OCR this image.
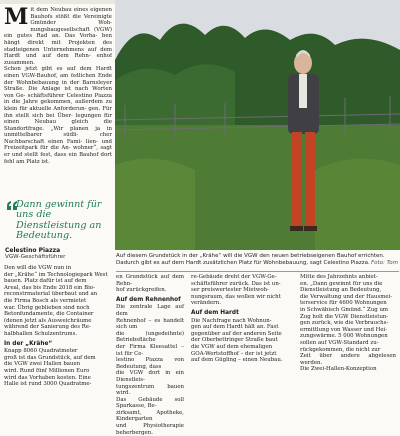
M it dem Neubau eines eigenen Bauhofs stößt die Vereinigte Gmünder Woh- nungsbaugesellschaft (VGW) ein gutes Rad an. Das Vorha- ben hängt direkt mit Projekten des stadteigenen Unternehmens auf dem Hardt und auf dem Rehn- enhof zusammen.
Schon jetzt gibt es auf dem Hardt einen VGW-Bauhof, am östlichen Ende der Wohnbebauung in der Barnsleyer Straße. Die Anlage ist nach Worten von Ge- schäftsführer Celestino Piazza in die Jahre gekommen, außerdem zu klein für aktuelle Anforderun- gen. Für ihn stellt sich bei Über- legungen für einen Neubau gleich die Standortfrage. „Wir planen ja in unmittelbarer südli- cher Nachbarschaft einen Fami- lien- und Freizeitpark für die An- wohner“, sagt er und stellt fest, dass ein Bauhof dort fehl am Platz ist.
Dann gewinnt für uns die Dienstleistung an Bedeutung.
Celestino Piazza
VGW-Geschäftsführer
Den will die VGW nun in
der „Krähe“ im Technologiepark West
bauen. Platz dafür ist auf dem
Areal, das bis Ende 2018 ein Bio-
reconstrmaterial überbaut und an
die Firma Bosch als vermietet
war. Übrig geblieben sind noch
Betonfundamente, die Container
(denen jetzt als Ausweichräume
während der Sanierung des Re-
halbhallen Schulzentrums.
In der „Krähe“
Knapp 8060 Quadratmeter
groß ist das Grundstück, auf dem
die VGW zwei Hallen bauen
wird. Rund fünf Millionen Euro
wird das Vorhaben kosten. Eine
Halle ist rund 3000 Quadratme-
Auf diesem Grundstück in der „Krähe“ will die VGW den neuen betriebseigenen Bauhof errichten. Dadurch gibt es auf dem Hardt zusätzlichen Platz für Wohnbebauung, sagt Celestino Piazza. Foto: Tom
en Grundstück auf dem Rehn-
hof zurückgreifen.
Auf dem Rehnenhof
Die zentrale Lage auf dem
Rehnenhof – es handelt sich um
die (ungedeihnte) Betriebsfläche
der Firma Kleesattel – ist für Ce-
lestino Piazza von Bedeutung, dass
die VGW dort in ein Dienstleis-
tungszentrum bauen wird.
Das Gebäude soll Sparkasse, Be-
zirksamt, Apotheke, Kindergarten
und Physiotherapie beherbergen.
re-Gebäude dreht der VGW-Ge-
schäftsführer zurück. Das ist un-
ser preiswertester Mietwoh-
nungsraum, das wollen wir nicht
verändern.
Auf dem Hardt
Die Nachfrage nach Wohnun-
gen auf dem Hardt hält an. Fast
gegenüber auf der anderen Seite
der Oberbettringer Straße baut
die VGW auf dem ehemaligen
GOA-Wertstoffhof – der ist jetzt
auf dem Gügling – einen Neubau.
Mitte des Jahrzehnts anbiet-
en. „Dann gewinnt für uns die
Dienstleistung an Bedeutung,
die Verwaltung und der Hausmei-
terservice für 4600 Wohnungen
in Schwäbisch Gmünd.“ Zug um
Zug holt die VGW Dienstleistun-
gen zurück, wie die Verbrauchs-
ermittlung von Wasser und Hei-
zungswärme. 5 000 Wohnungen
sollen auf VGW-Standard zu-
rückgekommen, die nicht zur
Zeit über andere abgelesen werden.
Die Zwei-Hallen-Konzeption
